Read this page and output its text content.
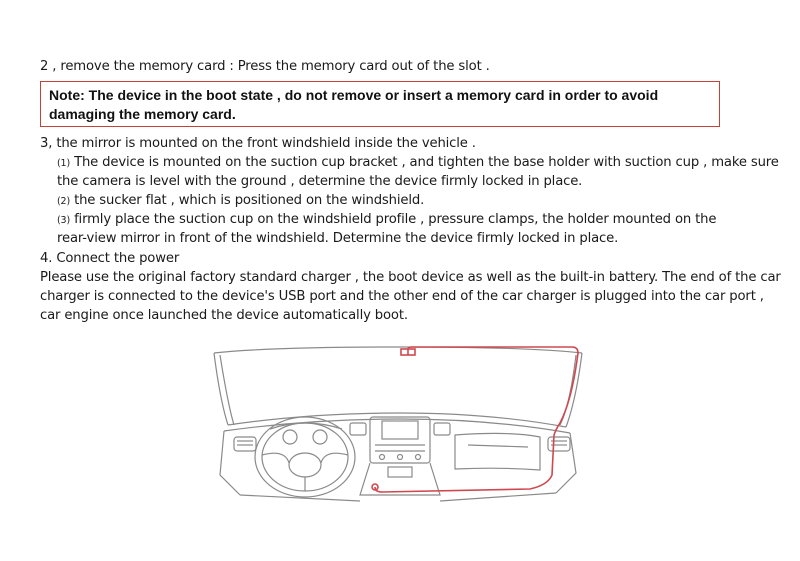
2 , remove the memory card : Press the memory card out of the slot .
Note: The device in the boot state , do not remove or insert a memory card in order to avoid
damaging the memory card.
3, the mirror is mounted on the front windshield inside the vehicle .
(1) The device is mounted on the suction cup bracket , and tighten the base holder with suction cup , make sure
the camera is level with the ground , determine the device firmly locked in place.
(2) the sucker flat , which is positioned on the windshield.
(3) firmly place the suction cup on the windshield profile , pressure clamps, the holder mounted on the
rear-view mirror in front of the windshield. Determine the device firmly locked in place.
4. Connect the power
Please use the original factory standard charger , the boot device as well as the built-in battery. The end of the car
charger is connected to the device's USB port and the other end of the car charger is plugged into the car port ,
car engine once launched the device automatically boot.
